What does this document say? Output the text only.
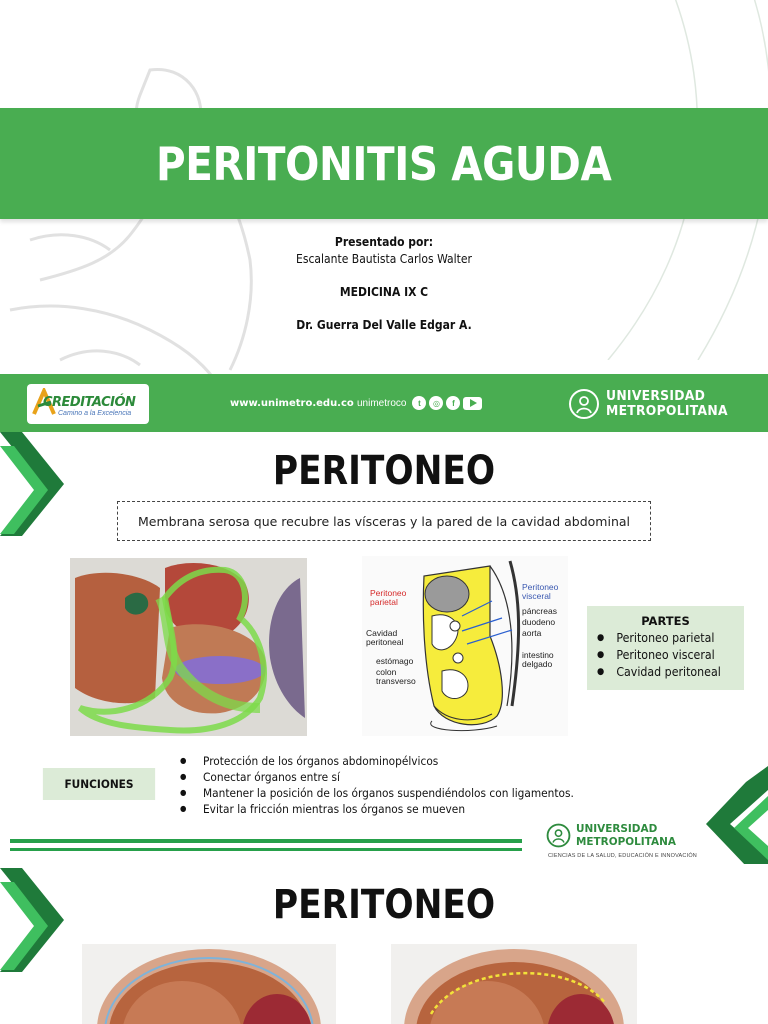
PERITONITIS AGUDA
Presentado por:
Escalante Bautista Carlos Walter
MEDICINA IX C
Dr. Guerra Del Valle Edgar A.
CREDITACIÓN
Camino a la Excelencia
www.unimetro.edu.co unimetroco	t	◎	f	UNIVERSIDAD
METROPOLITANA
PERITONEO
Membrana serosa que recubre las vísceras y la pared de la cavidad abdominal
Peritoneo parietal
Cavidad peritoneal
estómago
colon transverso
Peritoneo visceral
páncreas
duodeno
aorta
intestino delgado
PARTES
● Peritoneo parietal
● Peritoneo visceral
● Cavidad peritoneal
FUNCIONES
● Protección de los órganos abdominopélvicos
● Conectar órganos entre sí
● Mantener la posición de los órganos suspendiéndolos con ligamentos.
● Evitar la fricción mientras los órganos se mueven
UNIVERSIDAD
METROPOLITANA
CIENCIAS DE LA SALUD, EDUCACIÓN E INNOVACIÓN
PERITONEO
